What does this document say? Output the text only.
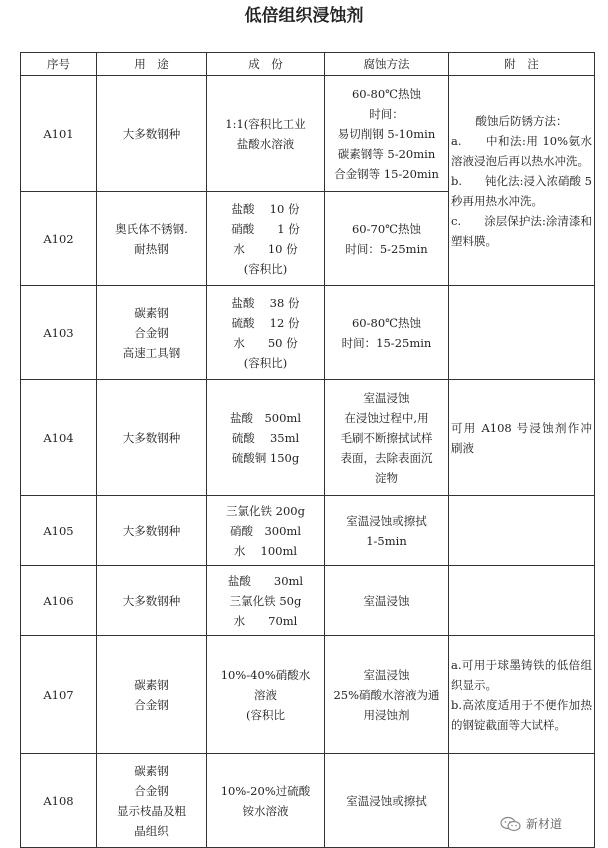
低倍组织浸蚀剂
序号	用　途	成　份	腐蚀方法	附　注
A101	大多数钢种	1:1(容积比工业
盐酸水溶液	60-80℃热蚀
时间：
易切削钢 5-10min
碳素钢等 5-20min
合金钢等 15-20min	酸蚀后防锈方法：
a.　　中和法:用 10%氨水溶液浸泡后再以热水冲洗。
b.　　钝化法:浸入浓硝酸 5 秒再用热水冲洗。
c.　　涂层保护法:涂清漆和塑料膜。

A102	奥氏体不锈钢.
耐热钢	盐酸　 10 份
硝酸　　1 份
水　　10 份
(容积比)	60-70℃热蚀
时间：5-25min	

A103	碳素钢
合金钢
高速工具钢	盐酸　 38 份
硫酸　 12 份
水　　50 份
(容积比)	60-80℃热蚀
时间：15-25min	

A104	大多数钢种	盐酸　500ml
硫酸　 35ml
硫酸铜 150g	室温浸蚀
在浸蚀过程中,用
毛刷不断擦拭试样
表面，去除表面沉
淀物	可用 A108 号浸蚀剂作冲刷液

A105	大多数钢种	三氯化铁 200g
硝酸　300ml
水　 100ml	室温浸蚀或擦拭
1-5min	

A106	大多数钢种	盐酸　　30ml
三氯化铁 50g
水　　70ml	室温浸蚀	

A107	碳素钢
合金钢	10%-40%硝酸水
溶液
(容积比	室温浸蚀
25%硝酸水溶液为通
用浸蚀剂	a.可用于球墨铸铁的低倍组织显示。
b.高浓度适用于不便作加热的钢锭截面等大试样。

A108	碳素钢
合金钢
显示枝晶及粗
晶组织	10%-20%过硫酸
铵水溶液	室温浸蚀或擦拭	

新材道
